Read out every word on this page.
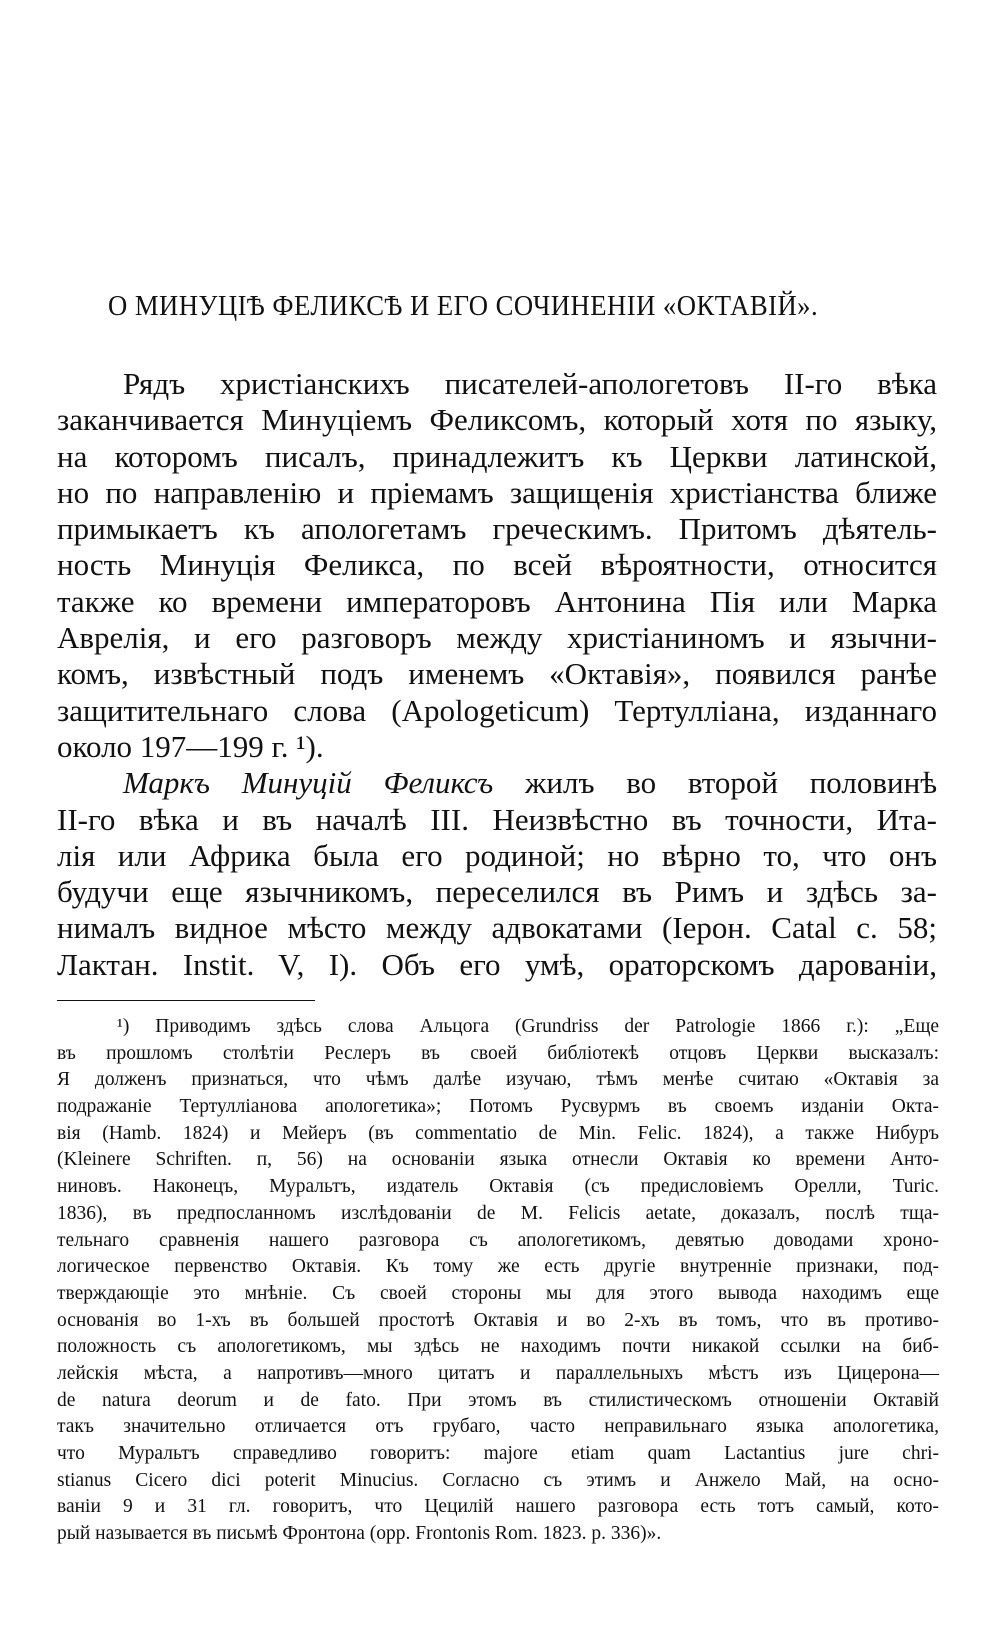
О МИНУЦІѢ ФЕЛИКСѢ И ЕГО СОЧИНЕНІИ «ОКТАВІЙ».
Рядъ христіанскихъ писателей-апологетовъ II-го вѣка
заканчивается Минуціемъ Феликсомъ, который хотя по языку,
на которомъ писалъ, принадлежитъ къ Церкви латинской,
но по направленію и пріемамъ защищенія христіанства ближе
примыкаетъ къ апологетамъ греческимъ. Притомъ дѣятель-
ность Минуція Феликса, по всей вѣроятности, относится
также ко времени императоровъ Антонина Пія или Марка
Аврелія, и его разговоръ между христіаниномъ и язычни-
комъ, извѣстный подъ именемъ «Октавія», появился ранѣе
защитительнаго слова (Apologeticum) Тертулліана, изданнаго
около 197—199 г. ¹).
Маркъ Минуцій Феликсъ жилъ во второй половинѣ
II-го вѣка и въ началѣ III. Неизвѣстно въ точности, Ита-
лія или Африка была его родиной; но вѣрно то, что онъ
будучи еще язычникомъ, переселился въ Римъ и здѣсь за-
нималъ видное мѣсто между адвокатами (Іерон. Catal c. 58;
Лактан. Instit. V, I). Объ его умѣ, ораторскомъ дарованіи,
¹) Приводимъ здѣсь слова Альцога (Grundriss der Patrologie 1866 г.): „Еще
въ прошломъ столѣтіи Реслеръ въ своей библіотекѣ отцовъ Церкви высказалъ:
Я долженъ признаться, что чѣмъ далѣе изучаю, тѣмъ менѣе считаю «Октавія за
подражаніе Тертулліанова апологетика»; Потомъ Русвурмъ въ своемъ изданіи Окта-
вія (Hamb. 1824) и Мейеръ (въ commentatio de Min. Felic. 1824), а также Нибуръ
(Kleinere Schriften. п, 56) на основаніи языка отнесли Октавія ко времени Анто-
ниновъ. Наконецъ, Муральтъ, издатель Октавія (съ предисловіемъ Орелли, Turic.
1836), въ предпосланномъ изслѣдованіи de M. Felicis aetate, доказалъ, послѣ тща-
тельнаго сравненія нашего разговора съ апологетикомъ, девятью доводами хроно-
логическое первенство Октавія. Къ тому же есть другіе внутренніе признаки, под-
тверждающіе это мнѣніе. Съ своей стороны мы для этого вывода находимъ еще
основанія во 1-хъ въ большей простотѣ Октавія и во 2-хъ въ томъ, что въ противо-
положность съ апологетикомъ, мы здѣсь не находимъ почти никакой ссылки на биб-
лейскія мѣста, а напротивъ—много цитатъ и параллельныхъ мѣстъ изъ Цицерона—
de natura deorum и de fato. При этомъ въ стилистическомъ отношеніи Октавій
такъ значительно отличается отъ грубаго, часто неправильнаго языка апологетика,
что Муральтъ справедливо говоритъ: majore etiam quam Lactantius jure chri-
stianus Cicero dici poterit Minucius. Согласно съ этимъ и Анжело Май, на осно-
ваніи 9 и 31 гл. говоритъ, что Цецилій нашего разговора есть тотъ самый, кото-
рый называется въ письмѣ Фронтона (opp. Frontonis Rom. 1823. p. 336)».
